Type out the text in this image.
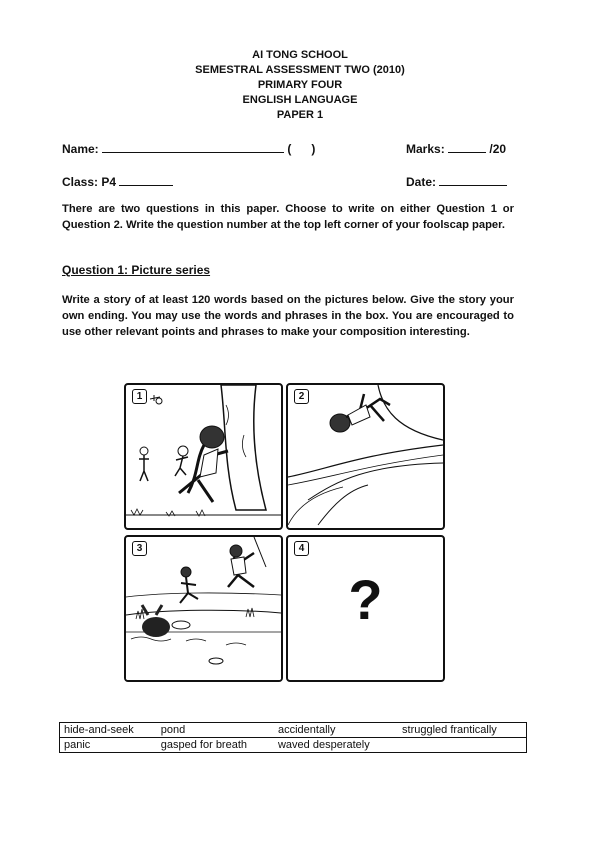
AI TONG SCHOOL
SEMESTRAL ASSESSMENT TWO (2010)
PRIMARY FOUR
ENGLISH LANGUAGE
PAPER 1
Name:	(      )	Marks:	/20
Class: P4	Date:
There are two questions in this paper. Choose to write on either Question 1 or Question 2. Write the question number at the top left corner of your foolscap paper.
Question 1: Picture series
Write a story of at least 120 words based on the pictures below. Give the story your own ending. You may use the words and phrases in the box. You are encouraged to use other relevant points and phrases to make your composition interesting.
1	2
3	4
?
hide-and-seek	pond	accidentally	struggled frantically
panic	gasped for breath	waved desperately	
